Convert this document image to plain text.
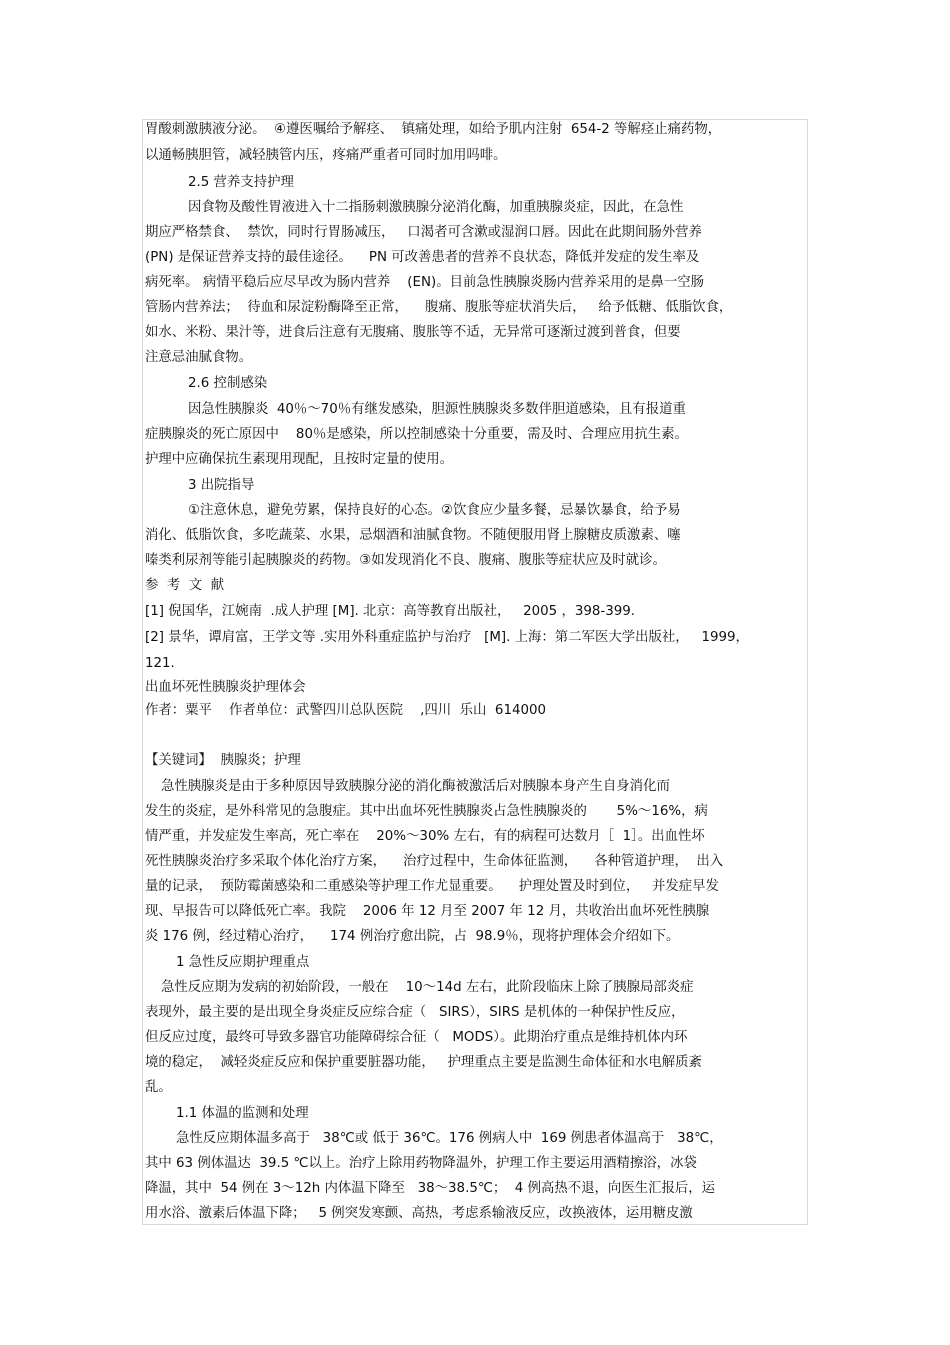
胃酸刺激胰液分泌。  ④遵医嘱给予解痉、  镇痛处理，如给予肌内注射  654-2 等解痉止痛药物，
以通畅胰胆管，减轻胰管内压，疼痛严重者可同时加用吗啡。
2.5 营养支持护理
因食物及酸性胃液进入十二指肠刺激胰腺分泌消化酶，加重胰腺炎症，因此，在急性
期应严格禁食、  禁饮，同时行胃肠减压，   口渴者可含漱或湿润口唇。因此在此期间肠外营养
(PN) 是保证营养支持的最佳途径。    PN 可改善患者的营养不良状态，降低并发症的发生率及
病死率。 病情平稳后应尽早改为肠内营养    (EN)。目前急性胰腺炎肠内营养采用的是鼻一空肠
管肠内营养法；  待血和尿淀粉酶降至正常，    腹痛、腹胀等症状消失后，   给予低糖、低脂饮食，
如水、米粉、果汁等，进食后注意有无腹痛、腹胀等不适，无异常可逐渐过渡到普食，但要
注意忌油腻食物。
2.6 控制感染
因急性胰腺炎  40％～70％有继发感染，胆源性胰腺炎多数伴胆道感染，且有报道重
症胰腺炎的死亡原因中    80％是感染，所以控制感染十分重要，需及时、合理应用抗生素。
护理中应确保抗生素现用现配，且按时定量的使用。
3 出院指导
①注意休息，避免劳累，保持良好的心态。②饮食应少量多餐，忌暴饮暴食，给予易
消化、低脂饮食，多吃蔬菜、水果，忌烟酒和油腻食物。不随便服用肾上腺糖皮质激素、噻
嗪类利尿剂等能引起胰腺炎的药物。③如发现消化不良、腹痛、腹胀等症状应及时就诊。
参  考  文  献
[1] 倪国华，江婉南  .成人护理 [M]. 北京：高等教育出版社，   2005 ，398-399.
[2] 景华，谭肩富，王学文等 .实用外科重症监护与治疗   [M]. 上海：第二军医大学出版社，   1999，
121.
出血坏死性胰腺炎护理体会
作者：粟平    作者单位：武警四川总队医院    ,四川  乐山  614000
【关键词】  胰腺炎；护理
急性胰腺炎是由于多种原因导致胰腺分泌的消化酶被激活后对胰腺本身产生自身消化而
发生的炎症，是外科常见的急腹症。其中出血坏死性胰腺炎占急性胰腺炎的       5%～16%，病
情严重，并发症发生率高，死亡率在    20%～30% 左右，有的病程可达数月［  1］。出血性坏
死性胰腺炎治疗多采取个体化治疗方案，    治疗过程中，生命体征监测，    各种管道护理，  出入
量的记录，  预防霉菌感染和二重感染等护理工作尤显重要。    护理处置及时到位，   并发症早发
现、早报告可以降低死亡率。我院    2006 年 12 月至 2007 年 12 月，共收治出血坏死性胰腺
炎 176 例，经过精心治疗，    174 例治疗愈出院，占  98.9％，现将护理体会介绍如下。
1 急性反应期护理重点
急性反应期为发病的初始阶段，一般在    10～14d 左右，此阶段临床上除了胰腺局部炎症
表现外，最主要的是出现全身炎症反应综合症（   SIRS），SIRS 是机体的一种保护性反应，
但反应过度，最终可导致多器官功能障碍综合征（   MODS）。此期治疗重点是维持机体内环
境的稳定，  减轻炎症反应和保护重要脏器功能，   护理重点主要是监测生命体征和水电解质紊
乱。
1.1 体温的监测和处理
急性反应期体温多高于   38℃或 低于 36℃。176 例病人中  169 例患者体温高于   38℃，
其中 63 例体温达  39.5 ℃以上。治疗上除用药物降温外，护理工作主要运用酒精擦浴，冰袋
降温，其中  54 例在 3～12h 内体温下降至   38～38.5℃；  4 例高热不退，向医生汇报后，运
用水浴、激素后体温下降；   5 例突发寒颤、高热，考虑系输液反应，改换液体，运用糖皮激
